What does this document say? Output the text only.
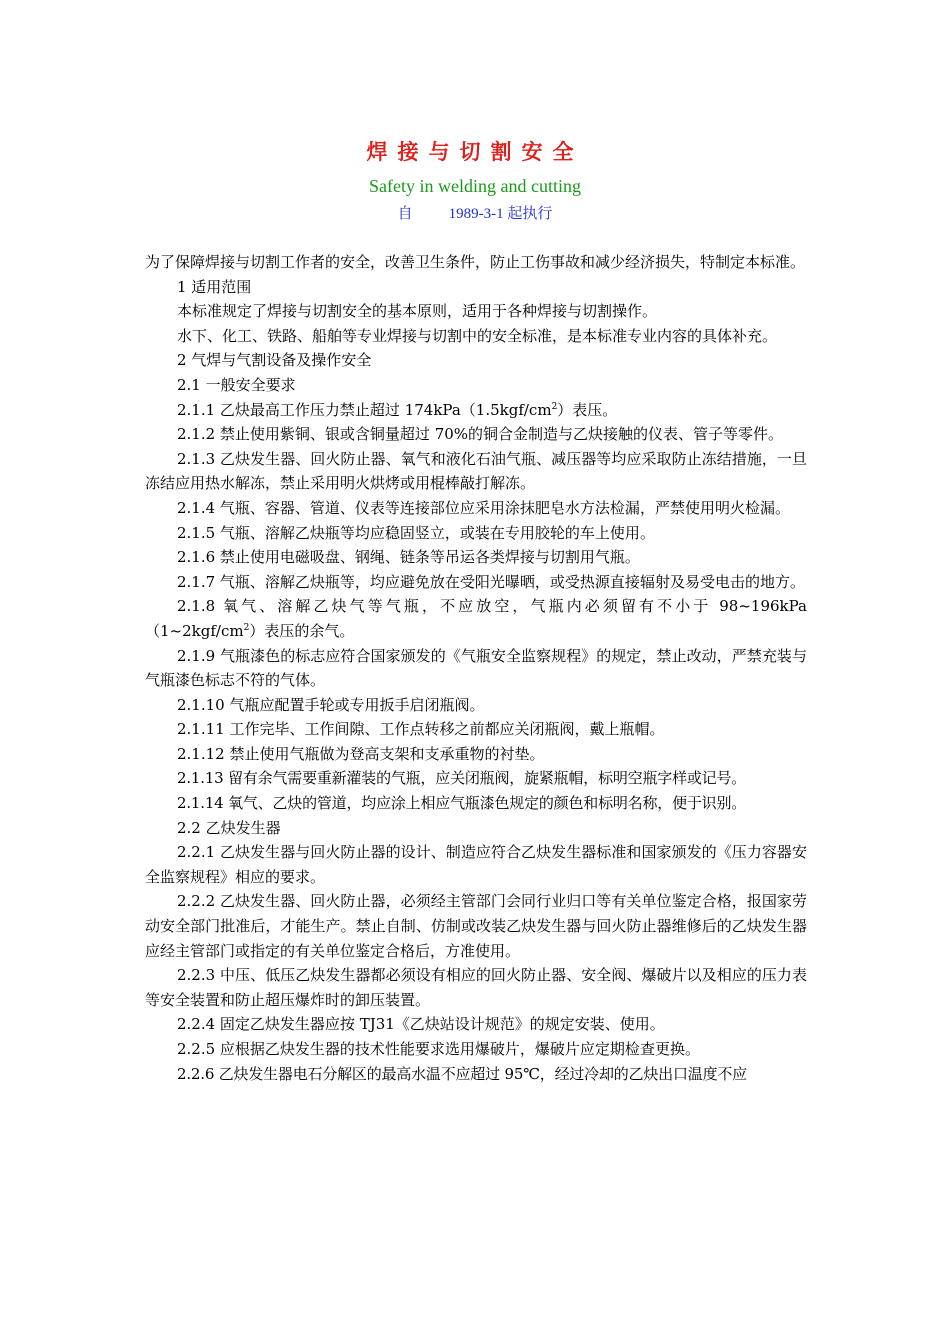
焊接与切割安全
Safety in welding and cutting
自 1989-3-1 起执行

为了保障焊接与切割工作者的安全，改善卫生条件，防止工伤事故和减少经济损失，特制定本标准。

1 适用范围

本标准规定了焊接与切割安全的基本原则，适用于各种焊接与切割操作。

水下、化工、铁路、船舶等专业焊接与切割中的安全标准，是本标准专业内容的具体补充。

2 气焊与气割设备及操作安全

2.1 一般安全要求

2.1.1 乙炔最高工作压力禁止超过 $174kPa(1.5kgf/cm^2)$表压。

2.1.2 禁止使用紫铜、银或含铜量超过 70%的铜合金制造与乙炔接触的仪表、管子等零件。

2.1.3 乙炔发生器、回火防止器、氧气和液化石油气瓶、减压器等均应采取防止冻结措施，一旦冻结应用热水解冻，禁止采用明火烘烤或用棍棒敲打解冻。

2.1.4 气瓶、容器、管道、仪表等连接部位应采用涂抹肥皂水方法检漏，严禁使用明火检漏。

2.1.5 气瓶、溶解乙炔瓶等均应稳固竖立，或装在专用胶轮的车上使用。

2.1.6 禁止使用电磁吸盘、钢绳、链条等吊运各类焊接与切割用气瓶。

2.1.7 气瓶、溶解乙炔瓶等，均应避免放在受阳光曝晒，或受热源直接辐射及易受电击的地方。

2.1.8 氧气、溶解乙炔气等气瓶，不应放空，气瓶内必须留有不小于 $98\sim 196kPa(1\sim 2kgf/cm^2)$表压的余气。

2.1.9 气瓶漆色的标志应符合国家颁发的《气瓶安全监察规程》的规定，禁止改动，严禁充装与气瓶漆色标志不符的气体。

2.1.10 气瓶应配置手轮或专用扳手启闭瓶阀。

2.1.11 工作完毕、工作间隙、工作点转移之前都应关闭瓶阀，戴上瓶帽。

2.1.12 禁止使用气瓶做为登高支架和支承重物的衬垫。

2.1.13 留有余气需要重新灌装的气瓶，应关闭瓶阀，旋紧瓶帽，标明空瓶字样或记号。

2.1.14 氧气、乙炔的管道，均应涂上相应气瓶漆色规定的颜色和标明名称，便于识别。

2.2 乙炔发生器

2.2.1 乙炔发生器与回火防止器的设计、制造应符合乙炔发生器标准和国家颁发的《压力容器安全监察规程》相应的要求。

2.2.2 乙炔发生器、回火防止器，必须经主管部门会同行业归口等有关单位鉴定合格，报国家劳动安全部门批准后，才能生产。禁止自制、仿制或改装乙炔发生器与回火防止器维修后的乙炔发生器应经主管部门或指定的有关单位鉴定合格后，方准使用。

2.2.3 中压、低压乙炔发生器都必须设有相应的回火防止器、安全阀、爆破片以及相应的压力表等安全装置和防止超压爆炸时的卸压装置。

2.2.4 固定乙炔发生器应按 TJ31《乙炔站设计规范》的规定安装、使用。

2.2.5 应根据乙炔发生器的技术性能要求选用爆破片，爆破片应定期检查更换。

2.2.6 乙炔发生器电石分解区的最高水温不应超过 95℃，经过冷却的乙炔出口温度不应
